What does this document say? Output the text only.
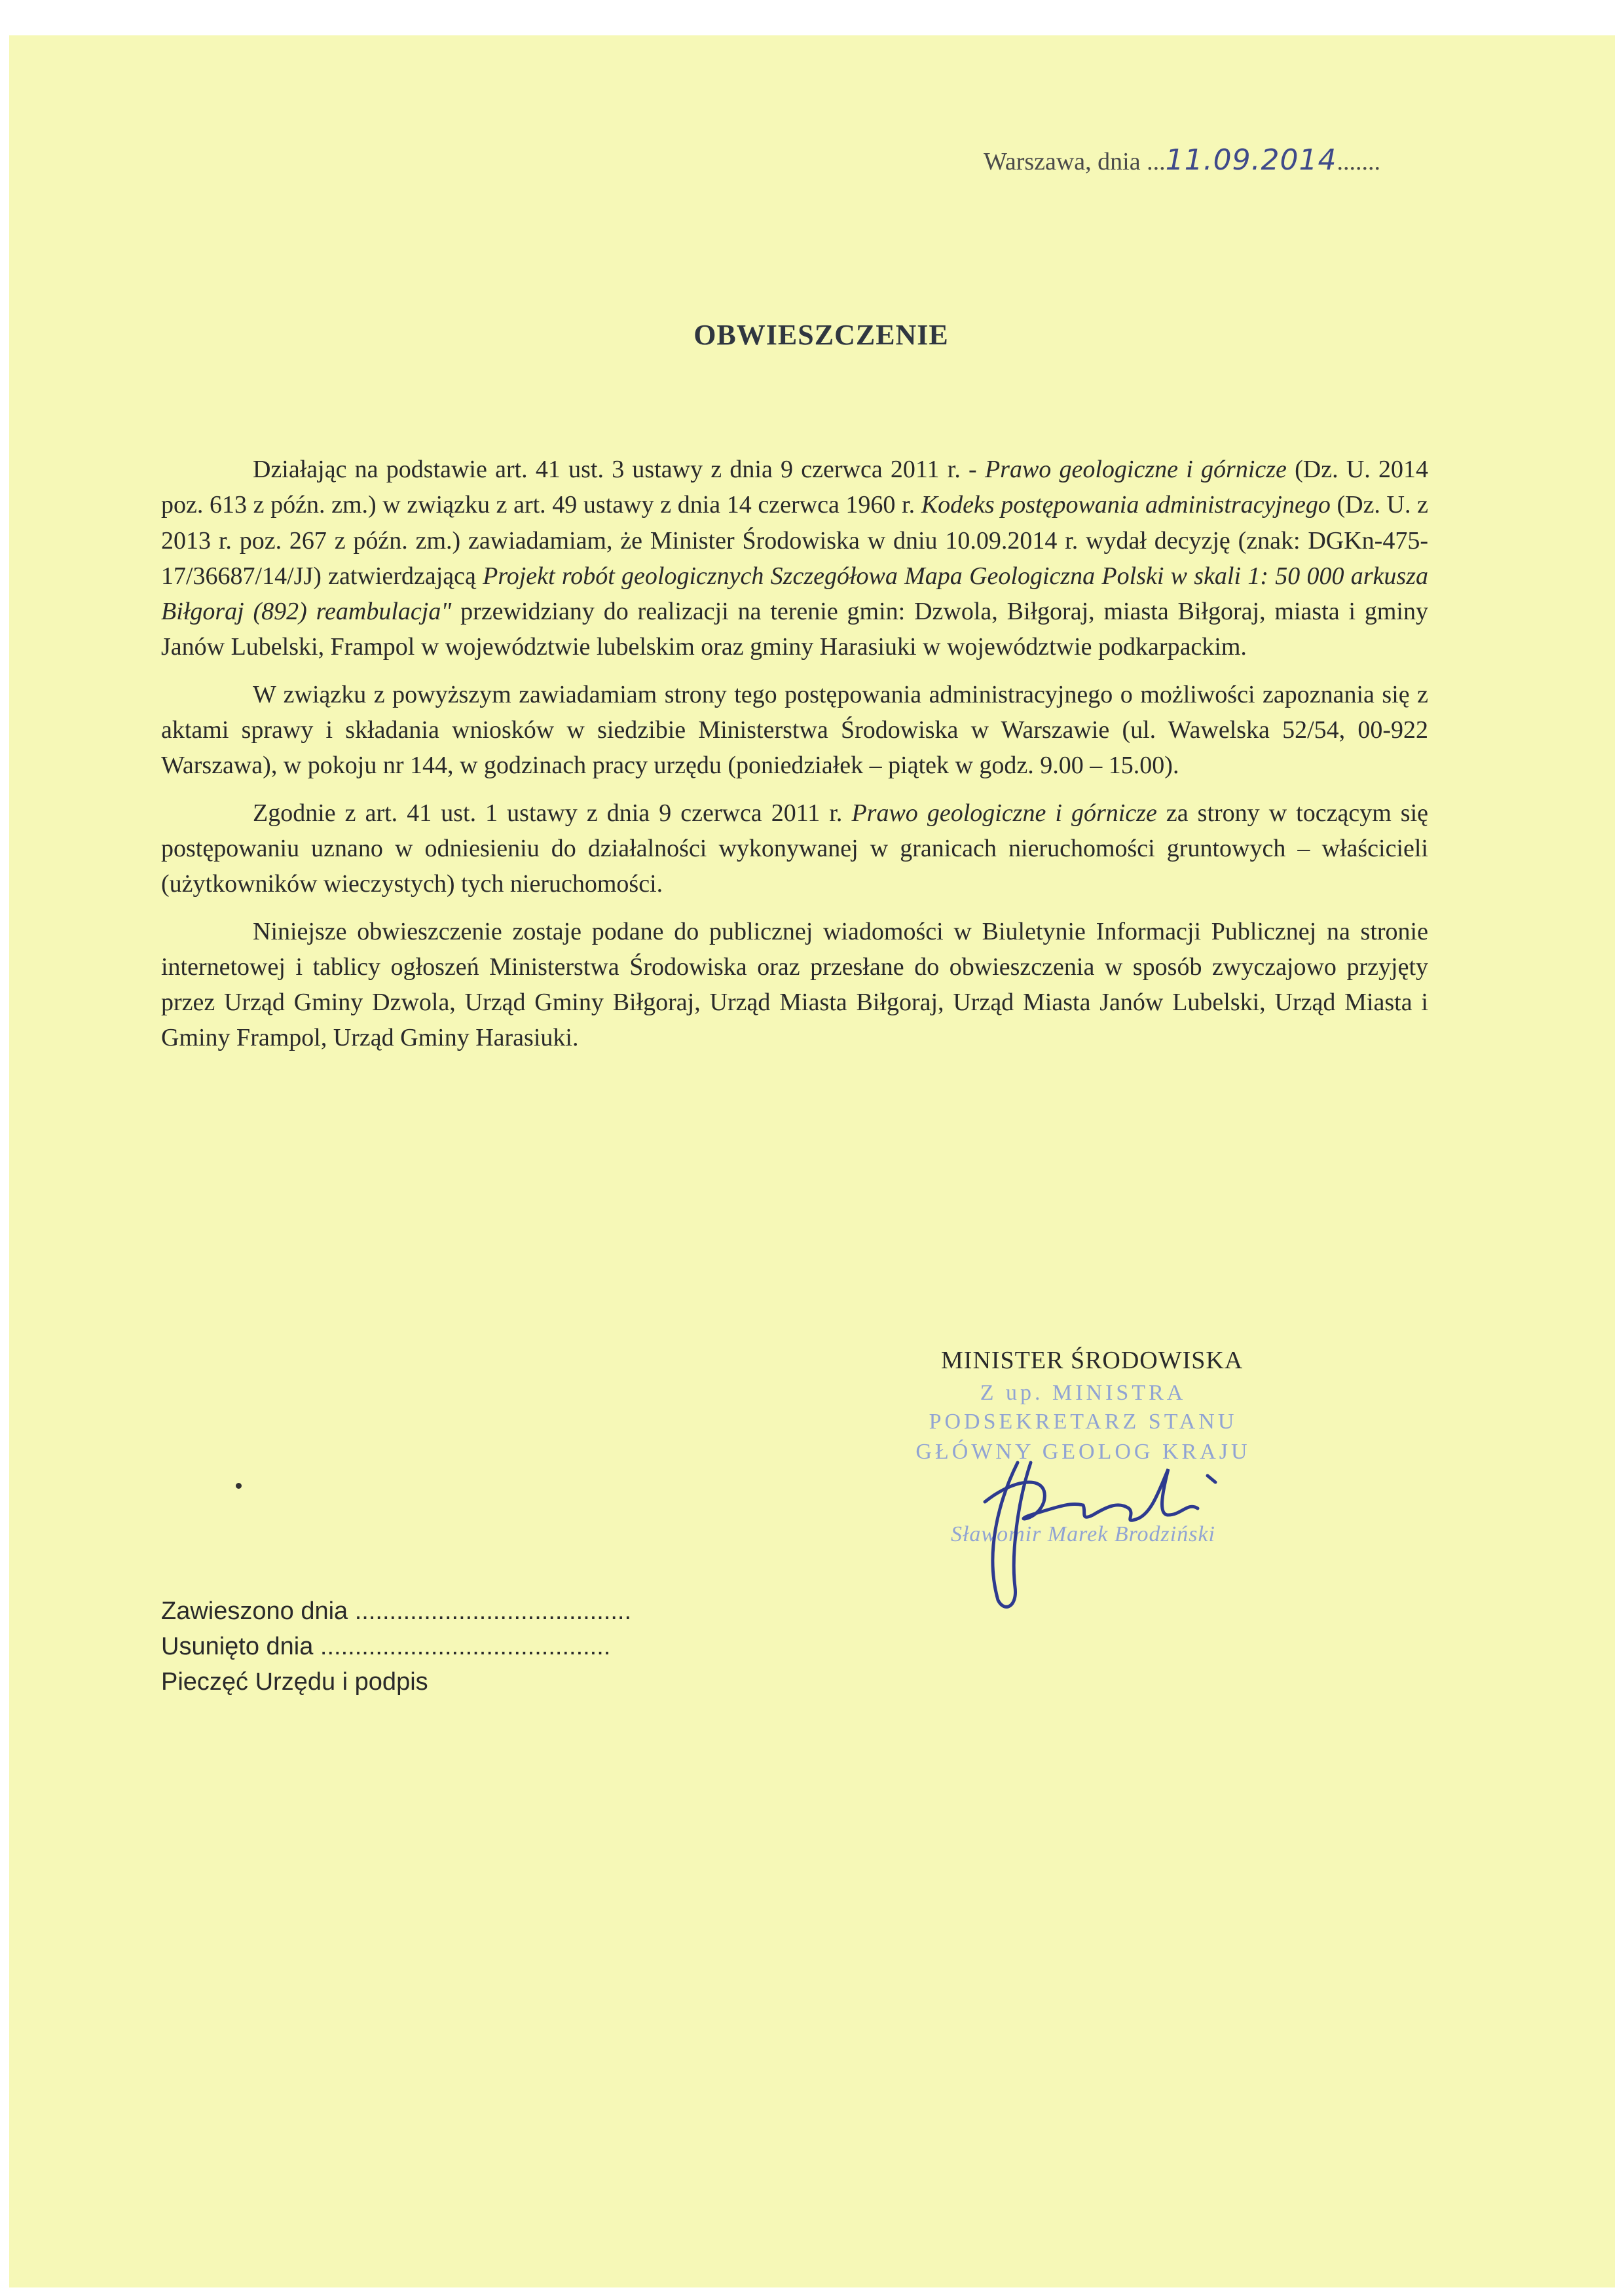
Warszawa, dnia ...11.09.2014.......
OBWIESZCZENIE

Działając na podstawie art. 41 ust. 3 ustawy z dnia 9 czerwca 2011 r. - Prawo geologiczne i górnicze (Dz. U. 2014 poz. 613 z późn. zm.) w związku z art. 49 ustawy z dnia 14 czerwca 1960 r. Kodeks postępowania administracyjnego (Dz. U. z 2013 r. poz. 267 z późn. zm.) zawiadamiam, że Minister Środowiska w dniu 10.09.2014 r. wydał decyzję (znak: DGKn-475-17/36687/14/JJ) zatwierdzającą Projekt robót geologicznych Szczegółowa Mapa Geologiczna Polski w skali 1: 50 000 arkusza Biłgoraj (892) reambulacja" przewidziany do realizacji na terenie gmin: Dzwola, Biłgoraj, miasta Biłgoraj, miasta i gminy Janów Lubelski, Frampol w województwie lubelskim oraz gminy Harasiuki w województwie podkarpackim.

W związku z powyższym zawiadamiam strony tego postępowania administracyjnego o możliwości zapoznania się z aktami sprawy i składania wniosków w siedzibie Ministerstwa Środowiska w Warszawie (ul. Wawelska 52/54, 00-922 Warszawa), w pokoju nr 144, w godzinach pracy urzędu (poniedziałek – piątek w godz. 9.00 – 15.00).

Zgodnie z art. 41 ust. 1 ustawy z dnia 9 czerwca 2011 r. Prawo geologiczne i górnicze za strony w toczącym się postępowaniu uznano w odniesieniu do działalności wykonywanej w granicach nieruchomości gruntowych – właścicieli (użytkowników wieczystych) tych nieruchomości.

Niniejsze obwieszczenie zostaje podane do publicznej wiadomości w Biuletynie Informacji Publicznej na stronie internetowej i tablicy ogłoszeń Ministerstwa Środowiska oraz przesłane do obwieszczenia w sposób zwyczajowo przyjęty przez Urząd Gminy Dzwola, Urząd Gminy Biłgoraj, Urząd Miasta Biłgoraj, Urząd Miasta Janów Lubelski, Urząd Miasta i Gminy Frampol, Urząd Gminy Harasiuki.

MINISTER ŚRODOWISKA
Z up. MINISTRA
PODSEKRETARZ STANU
GŁÓWNY GEOLOG KRAJU
Sławomir Marek Brodziński
Zawieszono dnia ........................................
Usunięto dnia ..........................................
Pieczęć Urzędu i podpis
